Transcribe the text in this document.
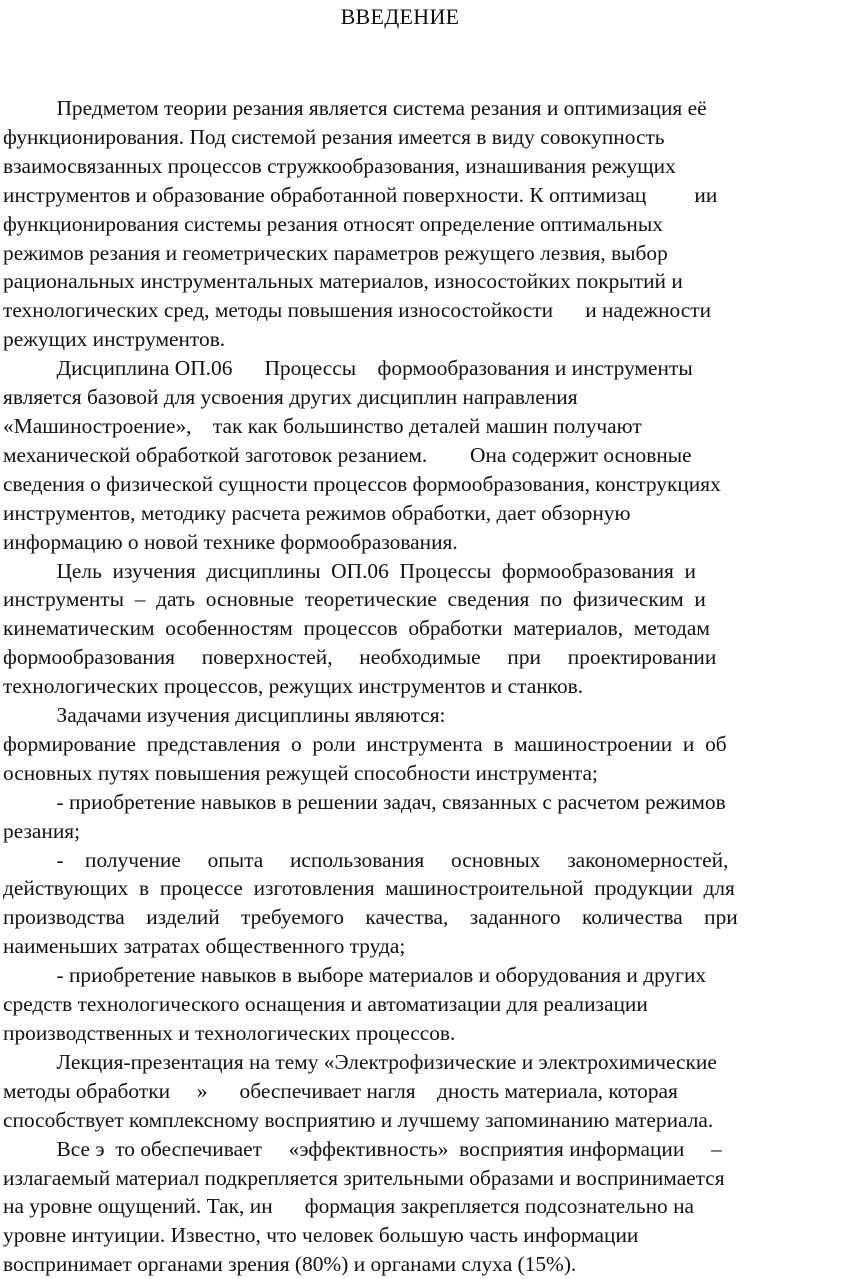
ВВЕДЕНИЕ
Предметом теории резания является система резания и оптимизация её
функционирования. Под системой резания имеется в виду совокупность
взаимосвязанных процессов стружкообразования, изнашивания режущих
инструментов и образование обработанной поверхности. К оптимизац         ии
функционирования системы резания относят определение оптимальных
режимов резания и геометрических параметров режущего лезвия, выбор
рациональных инструментальных материалов, износостойких покрытий и
технологических сред, методы повышения износостойкости      и надежности
режущих инструментов.
Дисциплина ОП.06      Процессы    формообразования и инструменты
является базовой для усвоения других дисциплин направления
«Машиностроение»,    так как большинство деталей машин получают
механической обработкой заготовок резанием.        Она содержит основные
сведения о физической сущности процессов формообразования, конструкциях
инструментов, методику расчета режимов обработки, дает обзорную
информацию о новой технике формообразования.
Цель  изучения  дисциплины  ОП.06  Процессы  формообразования  и
инструменты  –  дать  основные  теоретические  сведения  по  физическим  и
кинематическим  особенностям  процессов  обработки  материалов,  методам
формообразования     поверхностей,     необходимые     при     проектировании
технологических процессов, режущих инструментов и станков.
Задачами изучения дисциплины являются:
формирование  представления  о  роли  инструмента  в  машиностроении  и  об
основных путях повышения режущей способности инструмента;
- приобретение навыков в решении задач, связанных с расчетом режимов
резания;
-    получение     опыта     использования     основных     закономерностей,
действующих  в  процессе  изготовления  машиностроительной  продукции  для
производства    изделий    требуемого    качества,    заданного    количества    при
наименьших затратах общественного труда;
- приобретение навыков в выборе материалов и оборудования и других
средств технологического оснащения и автоматизации для реализации
производственных и технологических процессов.
Лекция-презентация на тему «Электрофизические и электрохимические
методы обработки     »      обеспечивает нагля    дность материала, которая
способствует комплексному восприятию и лучшему запоминанию материала.
Все э  то обеспечивает     «эффективность»  восприятия информации     –
излагаемый материал подкрепляется зрительными образами и воспринимается
на уровне ощущений. Так, ин      формация закрепляется подсознательно на
уровне интуиции. Известно, что человек большую часть информации
воспринимает органами зрения (80%) и органами слуха (15%).
